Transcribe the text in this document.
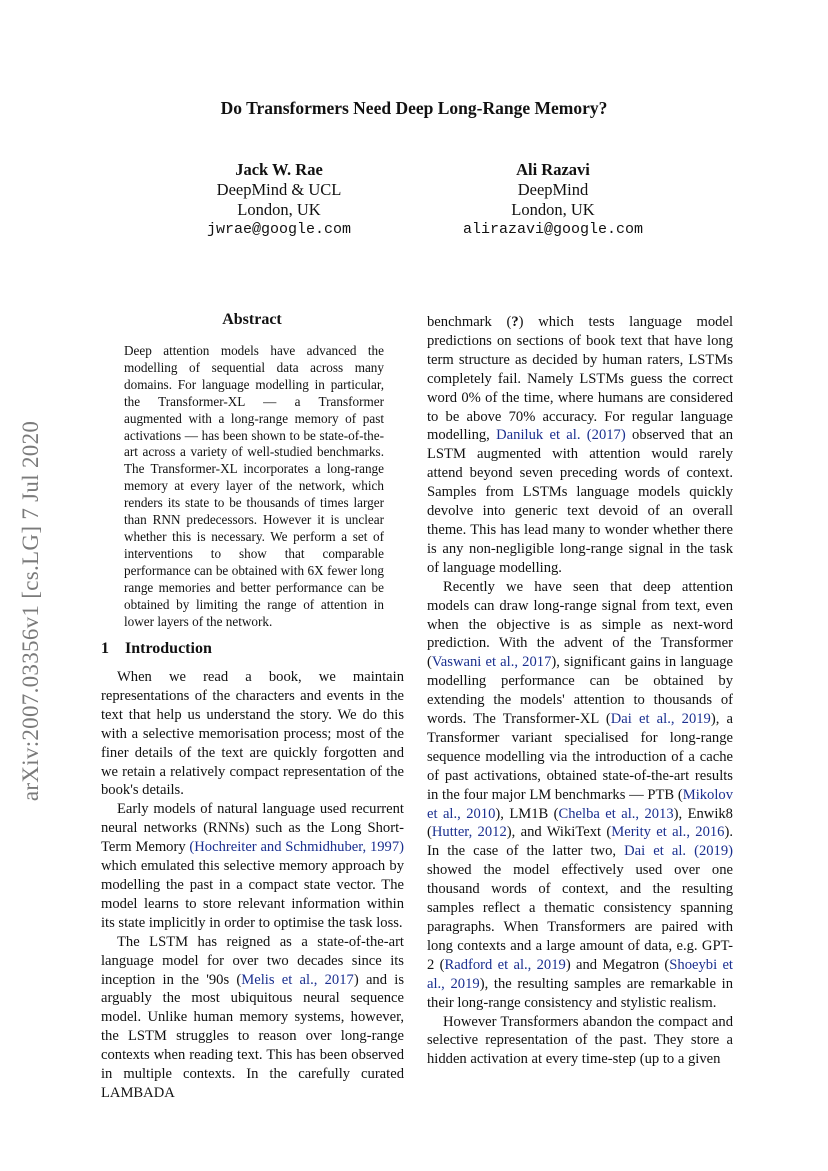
Do Transformers Need Deep Long-Range Memory?
Jack W. Rae
DeepMind & UCL
London, UK
jwrae@google.com
Ali Razavi
DeepMind
London, UK
alirazavi@google.com
arXiv:2007.03356v1 [cs.LG] 7 Jul 2020
Abstract
Deep attention models have advanced the modelling of sequential data across many domains. For language modelling in particular, the Transformer-XL — a Transformer augmented with a long-range memory of past activations — has been shown to be state-of-the-art across a variety of well-studied benchmarks. The Transformer-XL incorporates a long-range memory at every layer of the network, which renders its state to be thousands of times larger than RNN predecessors. However it is unclear whether this is necessary. We perform a set of interventions to show that comparable performance can be obtained with 6X fewer long range memories and better performance can be obtained by limiting the range of attention in lower layers of the network.
1 Introduction

When we read a book, we maintain representations of the characters and events in the text that help us understand the story. We do this with a selective memorisation process; most of the finer details of the text are quickly forgotten and we retain a relatively compact representation of the book's details.

Early models of natural language used recurrent neural networks (RNNs) such as the Long Short-Term Memory (Hochreiter and Schmidhuber, 1997) which emulated this selective memory approach by modelling the past in a compact state vector. The model learns to store relevant information within its state implicitly in order to optimise the task loss.

The LSTM has reigned as a state-of-the-art language model for over two decades since its inception in the '90s (Melis et al., 2017) and is arguably the most ubiquitous neural sequence model. Unlike human memory systems, however, the LSTM struggles to reason over long-range contexts when reading text. This has been observed in multiple contexts. In the carefully curated LAMBADA

benchmark (?) which tests language model predictions on sections of book text that have long term structure as decided by human raters, LSTMs completely fail. Namely LSTMs guess the correct word 0% of the time, where humans are considered to be above 70% accuracy. For regular language modelling, Daniluk et al. (2017) observed that an LSTM augmented with attention would rarely attend beyond seven preceding words of context. Samples from LSTMs language models quickly devolve into generic text devoid of an overall theme. This has lead many to wonder whether there is any non-negligible long-range signal in the task of language modelling.

Recently we have seen that deep attention models can draw long-range signal from text, even when the objective is as simple as next-word prediction. With the advent of the Transformer (Vaswani et al., 2017), significant gains in language modelling performance can be obtained by extending the models' attention to thousands of words. The Transformer-XL (Dai et al., 2019), a Transformer variant specialised for long-range sequence modelling via the introduction of a cache of past activations, obtained state-of-the-art results in the four major LM benchmarks — PTB (Mikolov et al., 2010), LM1B (Chelba et al., 2013), Enwik8 (Hutter, 2012), and WikiText (Merity et al., 2016). In the case of the latter two, Dai et al. (2019) showed the model effectively used over one thousand words of context, and the resulting samples reflect a thematic consistency spanning paragraphs. When Transformers are paired with long contexts and a large amount of data, e.g. GPT-2 (Radford et al., 2019) and Megatron (Shoeybi et al., 2019), the resulting samples are remarkable in their long-range consistency and stylistic realism.

However Transformers abandon the compact and selective representation of the past. They store a hidden activation at every time-step (up to a given
